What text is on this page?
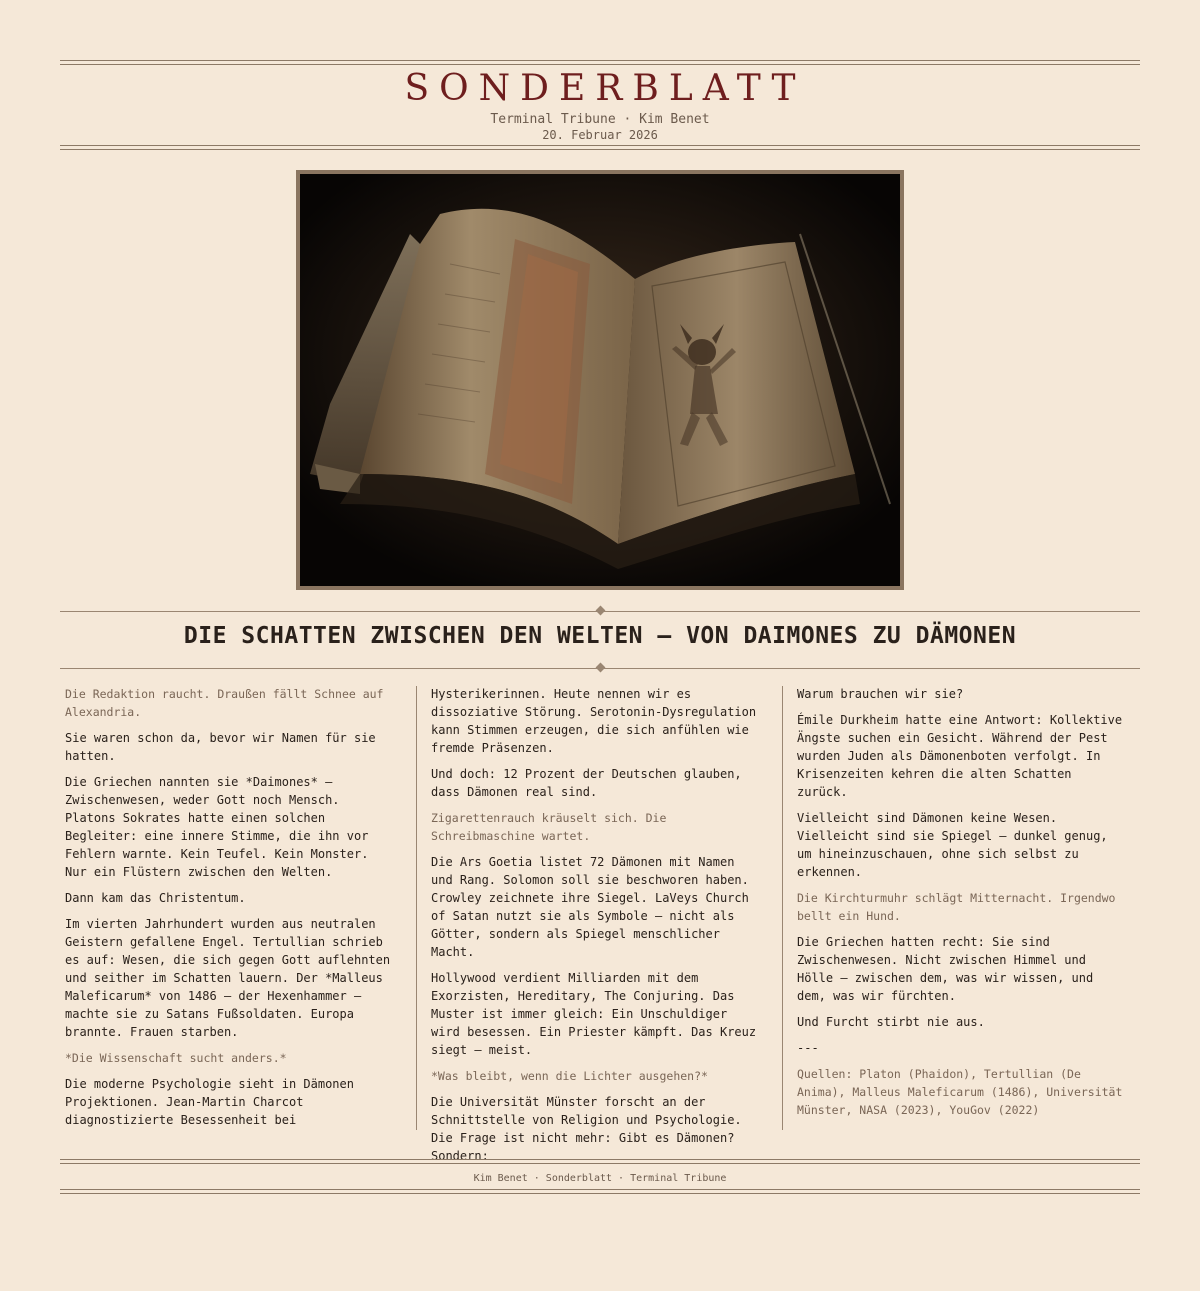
SONDERBLATT
Terminal Tribune · Kim Benet
20. Februar 2026
DIE SCHATTEN ZWISCHEN DEN WELTEN — VON DAIMONES ZU DÄMONEN

Die Redaktion raucht. Draußen fällt Schnee auf Alexandria.

Sie waren schon da, bevor wir Namen für sie hatten.

Die Griechen nannten sie *Daimones* — Zwischenwesen, weder Gott noch Mensch. Platons Sokrates hatte einen solchen Begleiter: eine innere Stimme, die ihn vor Fehlern warnte. Kein Teufel. Kein Monster. Nur ein Flüstern zwischen den Welten.

Dann kam das Christentum.

Im vierten Jahrhundert wurden aus neutralen Geistern gefallene Engel. Tertullian schrieb es auf: Wesen, die sich gegen Gott auflehnten und seither im Schatten lauern. Der *Malleus Maleficarum* von 1486 — der Hexenhammer — machte sie zu Satans Fußsoldaten. Europa brannte. Frauen starben.

*Die Wissenschaft sucht anders.*

Die moderne Psychologie sieht in Dämonen Projektionen. Jean-Martin Charcot diagnostizierte Besessenheit bei

Hysterikerinnen. Heute nennen wir es dissoziative Störung. Serotonin-Dysregulation kann Stimmen erzeugen, die sich anfühlen wie fremde Präsenzen.

Und doch: 12 Prozent der Deutschen glauben, dass Dämonen real sind.

Zigarettenrauch kräuselt sich. Die Schreibmaschine wartet.

Die Ars Goetia listet 72 Dämonen mit Namen und Rang. Solomon soll sie beschworen haben. Crowley zeichnete ihre Siegel. LaVeys Church of Satan nutzt sie als Symbole — nicht als Götter, sondern als Spiegel menschlicher Macht.

Hollywood verdient Milliarden mit dem Exorzisten, Hereditary, The Conjuring. Das Muster ist immer gleich: Ein Unschuldiger wird besessen. Ein Priester kämpft. Das Kreuz siegt — meist.

*Was bleibt, wenn die Lichter ausgehen?*

Die Universität Münster forscht an der Schnittstelle von Religion und Psychologie. Die Frage ist nicht mehr: Gibt es Dämonen? Sondern:

Warum brauchen wir sie?

Émile Durkheim hatte eine Antwort: Kollektive Ängste suchen ein Gesicht. Während der Pest wurden Juden als Dämonenboten verfolgt. In Krisenzeiten kehren die alten Schatten zurück.

Vielleicht sind Dämonen keine Wesen. Vielleicht sind sie Spiegel — dunkel genug, um hineinzuschauen, ohne sich selbst zu erkennen.

Die Kirchturmuhr schlägt Mitternacht. Irgendwo bellt ein Hund.

Die Griechen hatten recht: Sie sind Zwischenwesen. Nicht zwischen Himmel und Hölle — zwischen dem, was wir wissen, und dem, was wir fürchten.

Und Furcht stirbt nie aus.

---

Quellen: Platon (Phaidon), Tertullian (De Anima), Malleus Maleficarum (1486), Universität Münster, NASA (2023), YouGov (2022)

Kim Benet · Sonderblatt · Terminal Tribune
